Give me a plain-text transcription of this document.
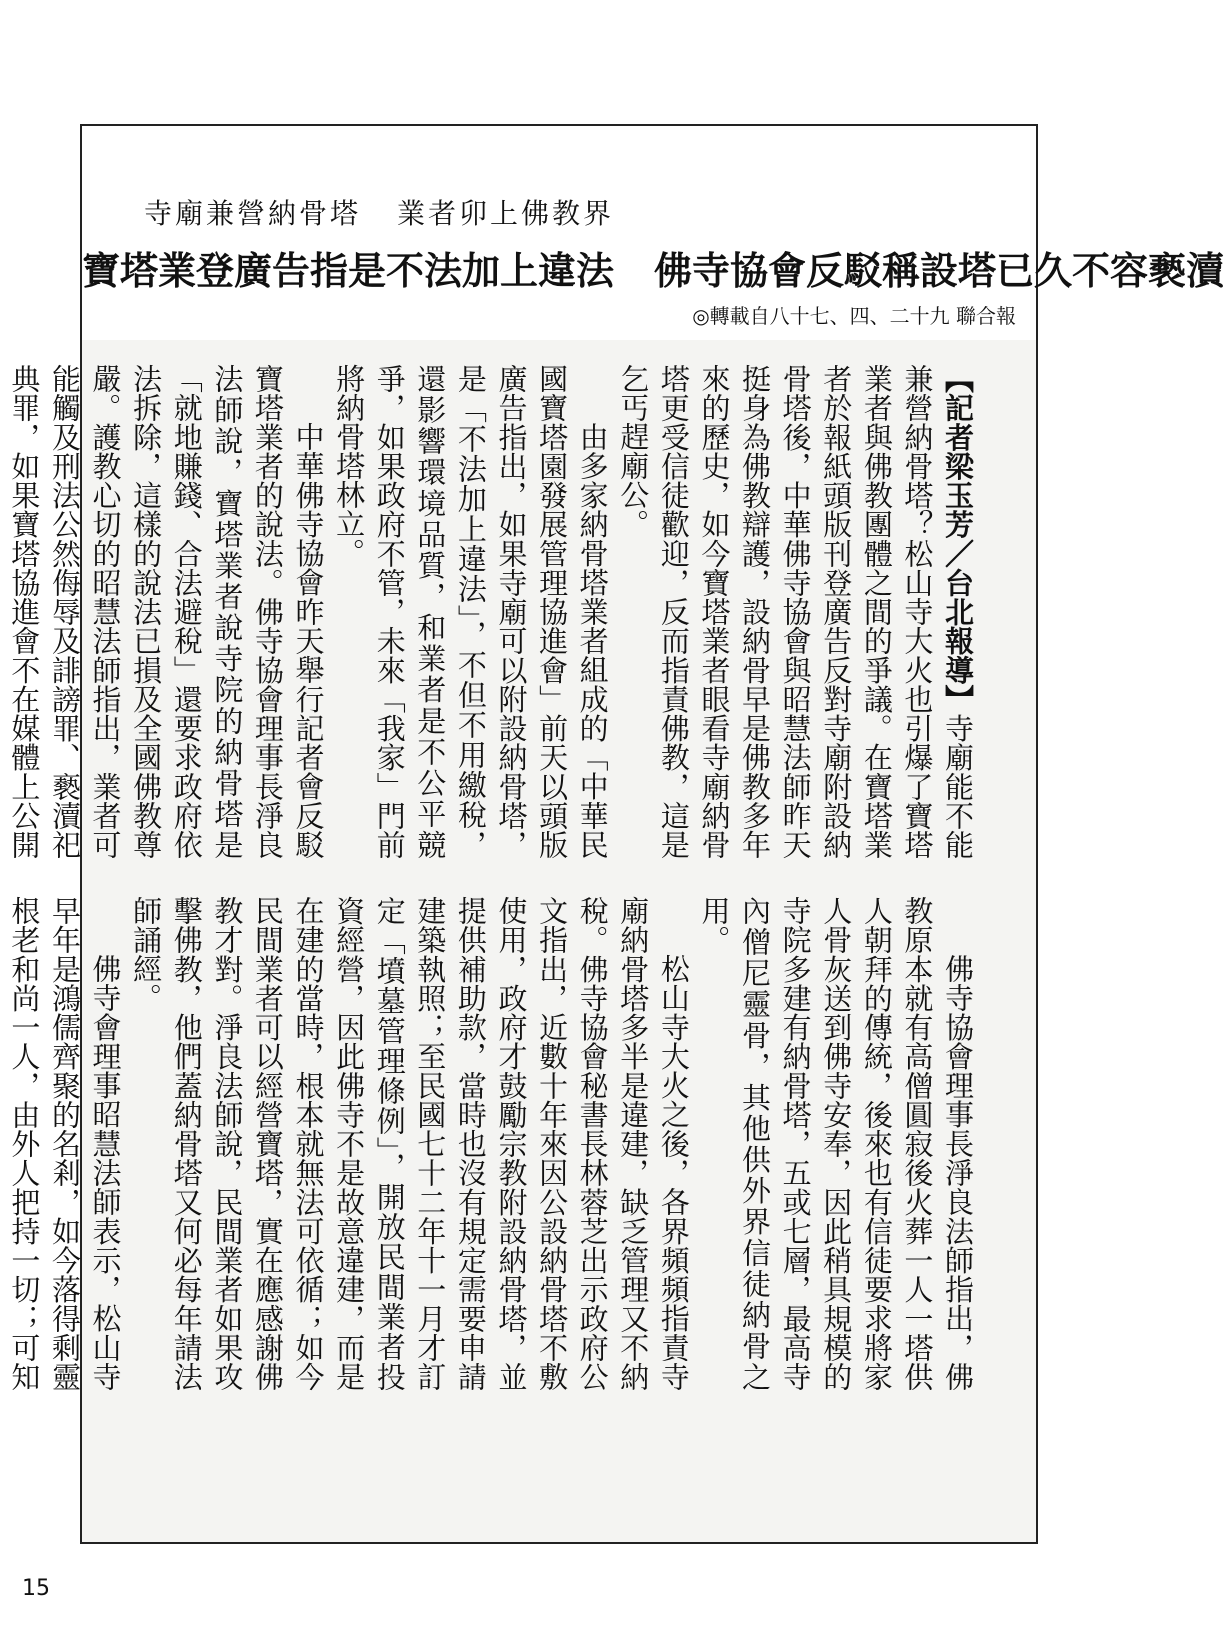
寺廟兼營納骨塔 業者卯上佛教界
寶塔業登廣告指是不法加上違法 佛寺協會反駁稱設塔已久不容褻瀆
◎轉載自八十七、四、二十九 聯合報

【記者梁玉芳／台北報導】寺廟能不能兼營納骨塔？松山寺大火也引爆了寶塔業者與佛教團體之間的爭議。在寶塔業者於報紙頭版刊登廣告反對寺廟附設納骨塔後，中華佛寺協會與昭慧法師昨天挺身為佛教辯護，設納骨早是佛教多年來的歷史，如今寶塔業者眼看寺廟納骨塔更受信徒歡迎，反而指責佛教，這是乞丐趕廟公。

由多家納骨塔業者組成的「中華民國寶塔園發展管理協進會」前天以頭版廣告指出，如果寺廟可以附設納骨塔，是「不法加上違法」，不但不用繳稅，還影響環境品質，和業者是不公平競爭，如果政府不管，未來「我家」門前將納骨塔林立。

中華佛寺協會昨天舉行記者會反駁寶塔業者的說法。佛寺協會理事長淨良法師說，寶塔業者說寺院的納骨塔是「就地賺錢、合法避稅」還要求政府依法拆除，這樣的說法已損及全國佛教尊嚴。護教心切的昭慧法師指出，業者可能觸及刑法公然侮辱及誹謗罪、褻瀆祀典罪，如果寶塔協進會不在媒體上公開

佛寺協會理事長淨良法師指出，佛教原本就有高僧圓寂後火葬一人一塔供人朝拜的傳統，後來也有信徒要求將家人骨灰送到佛寺安奉，因此稍具規模的寺院多建有納骨塔，五或七層，最高寺內僧尼靈骨，其他供外界信徒納骨之用。

松山寺大火之後，各界頻頻指責寺廟納骨塔多半是違建，缺乏管理又不納稅。佛寺協會秘書長林蓉芝出示政府公文指出，近數十年來因公設納骨塔不敷使用，政府才鼓勵宗教附設納骨塔，並提供補助款，當時也沒有規定需要申請建築執照；至民國七十二年十一月才訂定「墳墓管理條例」，開放民間業者投資經營，因此佛寺不是故意違建，而是在建的當時，根本就無法可依循；如今民間業者可以經營寶塔，實在應感謝佛教才對。淨良法師說，民間業者如果攻擊佛教，他們蓋納骨塔又何必每年請法師誦經。

佛寺會理事昭慧法師表示，松山寺早年是鴻儒齊聚的名剎，如今落得剩靈根老和尚一人，由外人把持一切；可知

15
